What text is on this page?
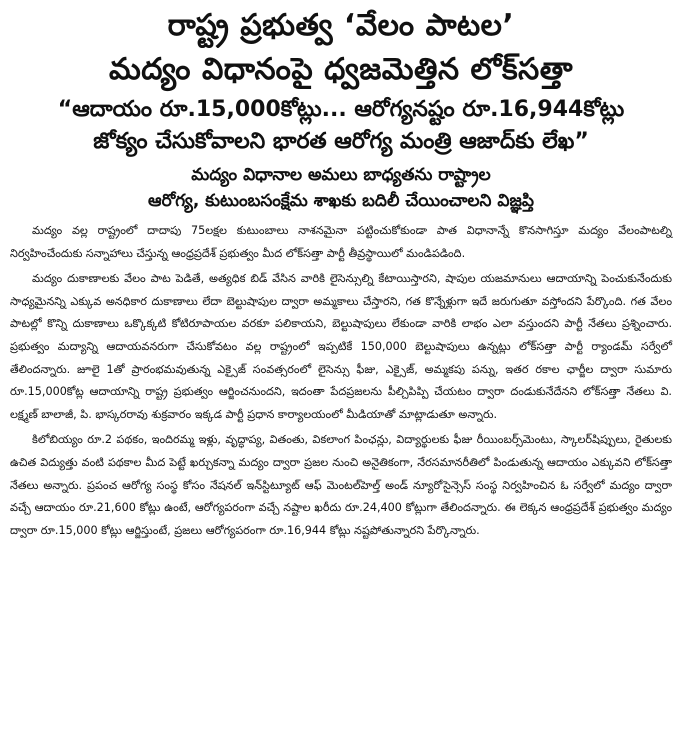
రాష్ట్ర ప్రభుత్వ ‘వేలం పాటల’

మద్యం విధానంపై ధ్వజమెత్తిన లోక్‌సత్తా

“ఆదాయం రూ.15,000కోట్లు... ఆరోగ్యనష్టం రూ.16,944కోట్లు

జోక్యం చేసుకోవాలని భారత ఆరోగ్య మంత్రి ఆజాద్‌కు లేఖ”

మద్యం విధానాల అమలు బాధ్యతను రాష్ట్రాల

ఆరోగ్య, కుటుంబసంక్షేమ శాఖకు బదిలీ చేయించాలని విజ్ఞప్తి

మద్యం వల్ల రాష్ట్రంలో దాదాపు 75లక్షల కుటుంబాలు నాశనమైనా పట్టించుకోకుండా పాత విధానాన్నే కొనసాగిస్తూ మద్యం వేలంపాటల్ని నిర్వహించేందుకు సన్నాహాలు చేస్తున్న ఆంధ్రప్రదేశ్ ప్రభుత్వం మీద లోక్‌సత్తా పార్టీ తీవ్రస్థాయిలో మండిపడింది.

మద్యం దుకాణాలకు వేలం పాట పెడితే, అత్యధిక బిడ్ వేసిన వారికి లైసెన్సుల్ని కేటాయిస్తారని, షాపుల యజమానులు ఆదాయాన్ని పెంచుకునేందుకు సాధ్యమైనన్ని ఎక్కువ అనధికార దుకాణాలు లేదా బెల్టుషాపుల ద్వారా అమ్మకాలు చేస్తారని, గత కొన్నేళ్లుగా ఇదే జరుగుతూ వస్తోందని పేర్కొంది. గత వేలం పాటల్లో కొన్ని దుకాణాలు ఒక్కొక్కటి కోటిరూపాయల వరకూ పలికాయని, బెల్టుషాపులు లేకుండా వారికి లాభం ఎలా వస్తుందని పార్టీ నేతలు ప్రశ్నించారు. ప్రభుత్వం మద్యాన్ని ఆదాయవనరుగా చేసుకోవటం వల్ల రాష్ట్రంలో ఇప్పటికే 150,000 బెల్టుషాపులు ఉన్నట్లు లోక్‌సత్తా పార్టీ ర్యాండమ్ సర్వేలో తేలిందన్నారు. జూలై 1తో ప్రారంభమవుతున్న ఎక్సైజ్ సంవత్సరంలో లైసెన్సు ఫీజు, ఎక్సైజ్, అమ్మకపు పన్ను, ఇతర రకాల ఛార్జీల ద్వారా సుమారు రూ.15,000కోట్ల ఆదాయాన్ని రాష్ట్ర ప్రభుత్వం ఆర్జించనుందని, ఇదంతా పేదప్రజలను పీల్చిపిప్పి చేయటం ద్వారా దండుకునేదేనని లోక్‌సత్తా నేతలు వి. లక్ష్మణ్ బాలాజీ, పి. భాస్కరరావు శుక్రవారం ఇక్కడ పార్టీ ప్రధాన కార్యాలయంలో మీడియాతో మాట్లాడుతూ అన్నారు.

కిలోబియ్యం రూ.2 పథకం, ఇందిరమ్మ ఇళ్లు, వృద్ధాప్య, వితంతు, వికలాంగ పింఛన్లు, విద్యార్థులకు ఫీజు రీయింబర్స్‌మెంటు, స్కాలర్‌షిప్పులు, రైతులకు ఉచిత విద్యుత్తు వంటి పథకాల మీద పెట్టే ఖర్చుకన్నా మద్యం ద్వారా ప్రజల నుంచి అనైతికంగా, నేరసమానరీతిలో పిండుతున్న ఆదాయం ఎక్కువని లోక్‌సత్తా నేతలు అన్నారు. ప్రపంచ ఆరోగ్య సంస్థ కోసం నేషనల్ ఇన్‌స్టిట్యూట్ ఆఫ్ మెంటల్‌హెల్త్ అండ్ న్యూరోసైన్సెస్ సంస్థ నిర్వహించిన ఓ సర్వేలో మద్యం ద్వారా వచ్చే ఆదాయం రూ.21,600 కోట్లు ఉంటే, ఆరోగ్యపరంగా వచ్చే నష్టాల ఖరీదు రూ.24,400 కోట్లుగా తేలిందన్నారు. ఈ లెక్కన ఆంధ్రప్రదేశ్ ప్రభుత్వం మద్యం ద్వారా రూ.15,000 కోట్లు ఆర్జిస్తుంటే, ప్రజలు ఆరోగ్యపరంగా రూ.16,944 కోట్లు నష్టపోతున్నారని పేర్కొన్నారు.
